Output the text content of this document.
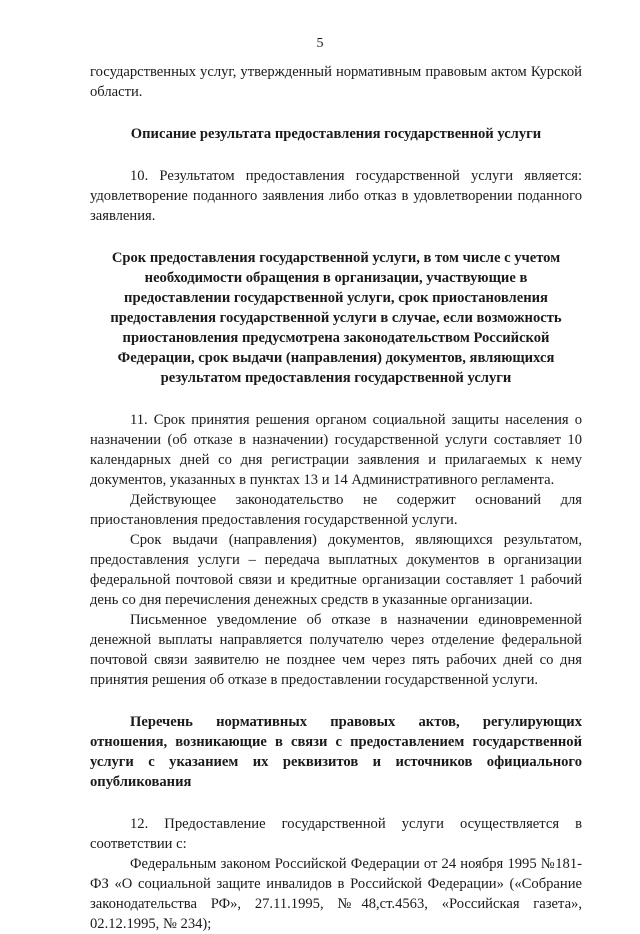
5

государственных услуг, утвержденный нормативным правовым актом Курской области.

Описание результата предоставления государственной услуги

10. Результатом предоставления государственной услуги является: удовлетворение поданного заявления либо отказ в удовлетворении поданного заявления.

Срок предоставления государственной услуги, в том числе с учетом необходимости обращения в организации, участвующие в предоставлении государственной услуги, срок приостановления предоставления государственной услуги в случае, если возможность приостановления предусмотрена законодательством Российской Федерации, срок выдачи (направления) документов, являющихся результатом предоставления государственной услуги

11. Срок принятия решения органом социальной защиты населения о назначении (об отказе в назначении) государственной услуги составляет 10 календарных дней со дня регистрации заявления и прилагаемых к нему документов, указанных в пунктах 13 и 14 Административного регламента.

Действующее законодательство не содержит оснований для приостановления предоставления государственной услуги.

Срок выдачи (направления) документов, являющихся результатом, предоставления услуги – передача выплатных документов в организации федеральной почтовой связи и кредитные организации составляет 1 рабочий день со дня перечисления денежных средств в указанные организации.

Письменное уведомление об отказе в назначении единовременной денежной выплаты направляется получателю через отделение федеральной почтовой связи заявителю не позднее чем через пять рабочих дней со дня принятия решения об отказе в предоставлении государственной услуги.

Перечень нормативных правовых актов, регулирующих отношения, возникающие в связи с предоставлением государственной услуги с указанием их реквизитов и источников официального опубликования

12. Предоставление государственной услуги осуществляется в соответствии с:

Федеральным законом Российской Федерации от 24 ноября 1995 №181-ФЗ «О социальной защите инвалидов в Российской Федерации» («Собрание законодательства РФ», 27.11.1995, №48,ст.4563, «Российская газета», 02.12.1995, № 234);
